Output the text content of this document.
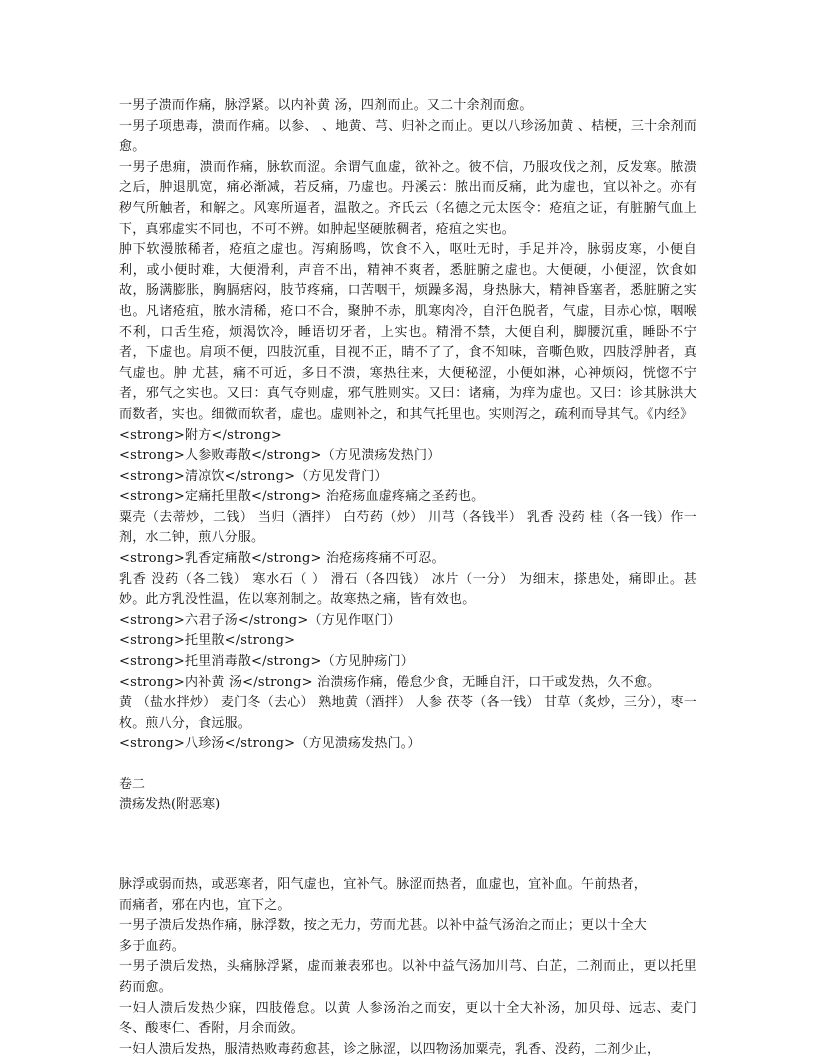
一男子溃而作痛，脉浮紧。以内补黄 汤，四剂而止。又二十余剂而愈。
一男子项患毒，溃而作痛。以参、 、地黄、芎、归补之而止。更以八珍汤加黄 、桔梗，三十余剂而愈。
一男子患痈，溃而作痛，脉软而涩。余谓气血虚，欲补之。彼不信，乃服攻伐之剂，反发寒。脓溃之后，肿退肌宽，痛必渐减，若反痛，乃虚也。丹溪云：脓出而反痛，此为虚也，宜以补之。亦有秽气所触者，和解之。风寒所逼者，温散之。齐氏云（名德之元太医令：疮疽之证，有脏腑气血上下，真邪虚实不同也，不可不辨。如肿起坚硬脓稠者，疮疽之实也。
肿下软漫脓稀者，疮疽之虚也。泻痢肠鸣，饮食不入，呕吐无时，手足并冷，脉弱皮寒，小便自利，或小便时难，大便滑利，声音不出，精神不爽者，悉脏腑之虚也。大便硬，小便涩，饮食如故，肠满膨胀，胸膈痞闷，肢节疼痛，口苦咽干，烦躁多渴，身热脉大，精神昏塞者，悉脏腑之实也。凡诸疮疽，脓水清稀，疮口不合，聚肿不赤，肌寒肉冷，自汗色脱者，气虚，目赤心惊，咽喉不利，口舌生疮，烦渴饮冷，睡语切牙者，上实也。精滑不禁，大便自利，脚腰沉重，睡卧不宁者，下虚也。肩项不便，四肢沉重，目视不正，睛不了了，食不知味，音嘶色败，四肢浮肿者，真气虚也。肿 尤甚，痛不可近，多日不溃，寒热往来，大便秘涩，小便如淋，心神烦闷，恍惚不宁者，邪气之实也。又曰：真气夺则虚，邪气胜则实。又曰：诸痛，为痒为虚也。又曰：诊其脉洪大而数者，实也。细微而软者，虚也。虚则补之，和其气托里也。实则泻之，疏利而导其气。《内经》
<strong>附方</strong>
<strong>人参败毒散</strong>（方见溃疡发热门）
<strong>清凉饮</strong>（方见发背门）
<strong>定痛托里散</strong> 治疮疡血虚疼痛之圣药也。
粟壳（去蒂炒，二钱） 当归（酒拌） 白芍药（炒） 川芎（各钱半） 乳香 没药 桂（各一钱）作一剂，水二钟，煎八分服。
<strong>乳香定痛散</strong> 治疮疡疼痛不可忍。
乳香 没药（各二钱） 寒水石（ ） 滑石（各四钱） 冰片（一分） 为细末，搽患处，痛即止。甚妙。此方乳没性温，佐以寒剂制之。故寒热之痛，皆有效也。
<strong>六君子汤</strong>（方见作呕门）
<strong>托里散</strong>
<strong>托里消毒散</strong>（方见肿疡门）
<strong>内补黄 汤</strong> 治溃疡作痛，倦怠少食，无睡自汗，口干或发热，久不愈。
黄 （盐水拌炒） 麦门冬（去心） 熟地黄（酒拌） 人参 茯苓（各一钱） 甘草（炙炒，三分），枣一枚。煎八分，食远服。
<strong>八珍汤</strong>（方见溃疡发热门。）
卷二
溃疡发热(附恶寒)
脉浮或弱而热，或恶寒者，阳气虚也，宜补气。脉涩而热者，血虚也，宜补血。午前热者，
而痛者，邪在内也，宜下之。
一男子溃后发热作痛，脉浮数，按之无力，劳而尤甚。以补中益气汤治之而止；更以十全大
多于血药。
一男子溃后发热，头痛脉浮紧，虚而兼表邪也。以补中益气汤加川芎、白芷，二剂而止，更以托里药而愈。
一妇人溃后发热少寐，四肢倦怠。以黄 人参汤治之而安，更以十全大补汤，加贝母、远志、麦门冬、酸枣仁、香附，月余而敛。
一妇人溃后发热，服清热败毒药愈甚，诊之脉涩，以四物汤加粟壳，乳香、没药，二剂少止，
